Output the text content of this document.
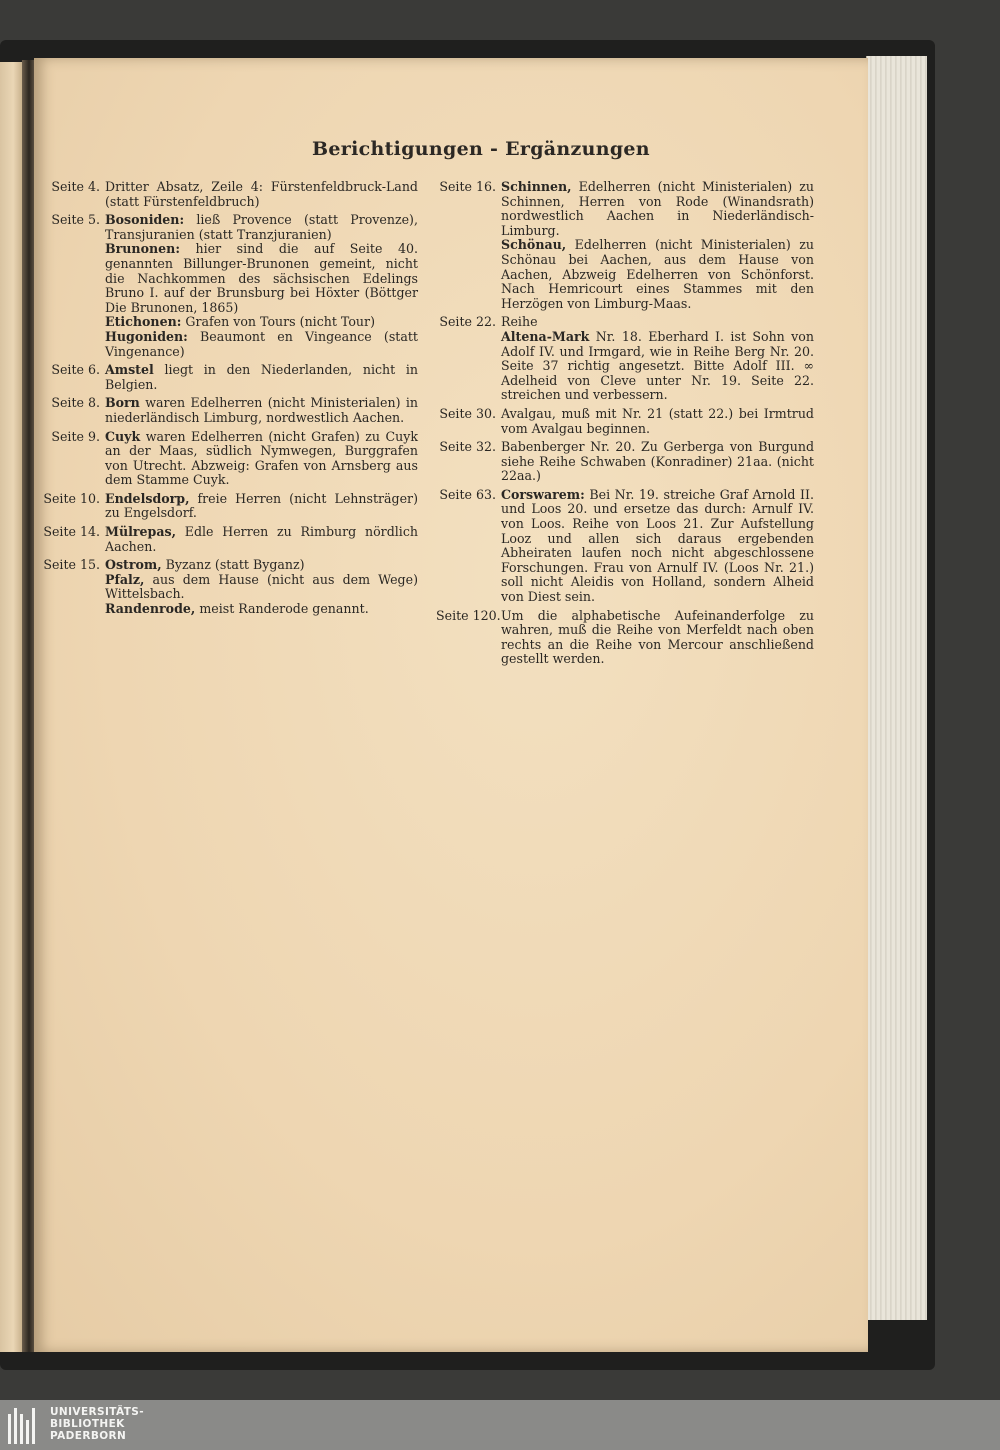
Berichtigungen - Ergänzungen
Seite 4. Dritter Absatz, Zeile 4: Fürstenfeldbruck-Land (statt Fürstenfeldbruch)
Seite 5. Bosoniden: ließ Provence (statt Provenze), Transjuranien (statt Tranzjuranien)
Brunonen: hier sind die auf Seite 40. genannten Billunger-Brunonen gemeint, nicht die Nachkommen des sächsischen Edelings Bruno I. auf der Brunsburg bei Höxter (Böttger Die Brunonen, 1865)
Etichonen: Grafen von Tours (nicht Tour)
Hugoniden: Beaumont en Vingeance (statt Vingenance)
Seite 6. Amstel liegt in den Niederlanden, nicht in Belgien.
Seite 8. Born waren Edelherren (nicht Ministerialen) in niederländisch Limburg, nordwestlich Aachen.
Seite 9. Cuyk waren Edelherren (nicht Grafen) zu Cuyk an der Maas, südlich Nymwegen, Burggrafen von Utrecht. Abzweig: Grafen von Arnsberg aus dem Stamme Cuyk.
Seite 10. Endelsdorp, freie Herren (nicht Lehnsträger) zu Engelsdorf.
Seite 14. Mülrepas, Edle Herren zu Rimburg nördlich Aachen.
Seite 15. Ostrom, Byzanz (statt Byganz)
Pfalz, aus dem Hause (nicht aus dem Wege) Wittelsbach.
Randenrode, meist Randerode genannt.
Seite 16. Schinnen, Edelherren (nicht Ministerialen) zu Schinnen, Herren von Rode (Winandsrath) nordwestlich Aachen in Niederländisch-Limburg.
Schönau, Edelherren (nicht Ministerialen) zu Schönau bei Aachen, aus dem Hause von Aachen, Abzweig Edelherren von Schönforst. Nach Hemricourt eines Stammes mit den Herzögen von Limburg-Maas.
Seite 22. Reihe
Altena-Mark Nr. 18. Eberhard I. ist Sohn von Adolf IV. und Irmgard, wie in Reihe Berg Nr. 20. Seite 37 richtig angesetzt. Bitte Adolf III. ∞ Adelheid von Cleve unter Nr. 19. Seite 22. streichen und verbessern.
Seite 30. Avalgau, muß mit Nr. 21 (statt 22.) bei Irmtrud vom Avalgau beginnen.
Seite 32. Babenberger Nr. 20. Zu Gerberga von Burgund siehe Reihe Schwaben (Konradiner) 21aa. (nicht 22aa.)
Seite 63. Corswarem: Bei Nr. 19. streiche Graf Arnold II. und Loos 20. und ersetze das durch: Arnulf IV. von Loos. Reihe von Loos 21. Zur Aufstellung Looz und allen sich daraus ergebenden Abheiraten laufen noch nicht abgeschlossene Forschungen. Frau von Arnulf IV. (Loos Nr. 21.) soll nicht Aleidis von Holland, sondern Alheid von Diest sein.
Seite 120. Um die alphabetische Aufeinanderfolge zu wahren, muß die Reihe von Merfeldt nach oben rechts an die Reihe von Mercour anschließend gestellt werden.
UNIVERSITÄTS-
BIBLIOTHEK
PADERBORN
